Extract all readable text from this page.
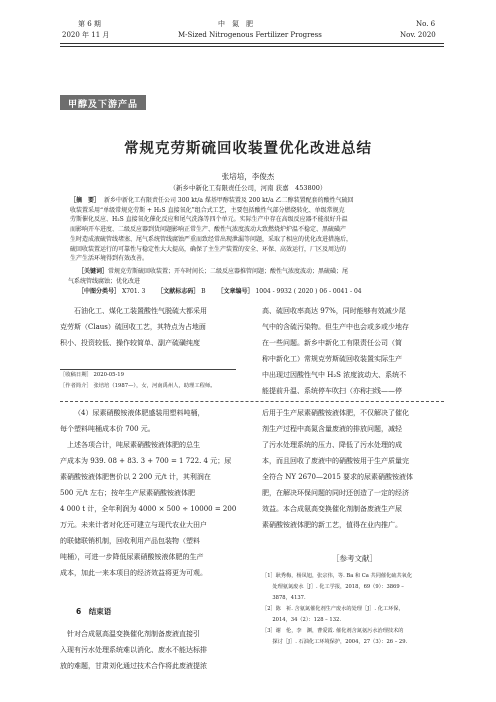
第 6 期
2020 年 11 月
中　氮　肥
M-Sized Nitrogenous Fertilizer Progress
No. 6
Nov. 2020
甲醇及下游产品
常规克劳斯硫回收装置优化改进总结
张培培，李俊杰
（新乡中新化工有限责任公司，河南 获嘉　453800）
［摘　要］ 新乡中新化工有限责任公司 300 kt/a 煤基甲醇装置及 200 kt/a 乙二醇装置配套的酸性气硫回
收装置采用“单级常规克劳斯 + H₂S 直接氧化”组合式工艺，主要包括酸性气部分燃烧转化、单级常规克
劳斯催化反应、H₂S 直接氧化催化反应和尾气洗涤等四个单元。实际生产中存在高级反应器不能很好升温
而影响开车进度、二级反应器到货问题影响正常生产、酸性气浓度波动大致燃烧炉炉温不稳定、黑硫磺产
生时造成液硫管线堵塞、尾气系统管线腐蚀严重而致经常出现泄漏等问题，采取了相应的优化改进措施后，
硫回收装置运行的可靠性与稳定性大大提高，确保了主生产装置的安全、环保、高效运行，厂区及周边的
生产生活环境得到有效改善。
［关键词］常规克劳斯硫回收装置；开车时间长；二级反应器推管问题；酸性气浓度波动；黑硫磺；尾
气系统管线腐蚀；优化改进
［中图分类号］ X701. 3 ［文献标志码］ B ［文章编号］ 1004 - 9932 ( 2020 ) 06 - 0041 - 04
石油化工、煤化工装置酸性气脱硫大都采用
克劳斯（Claus）硫回收工艺，其特点为占地面
积小、投资较低、操作较简单、副产硫磺纯度
［收稿日期］ 2020-05-19
［作者简介］ 张培培（1987—），女，河南禹州人，助理工程师。
高、硫回收率高达 97%，同时能够有效减少尾
气中的含硫污染物。但生产中也会或多或少地存
在一些问题。新乡中新化工有限责任公司（简
称中新化工）常规克劳斯硫回收装置实际生产
中出现过因酸性气中 H₂S 浓度波动大、系统不
能提前升温、系统停车吹扫（亦称扫线——停
（4）尿素硝酸铵液体肥盛装用塑料吨桶，
每个塑料吨桶成本价 700 元。
　上述各项合计，吨尿素硝酸铵液体肥的总生
产成本为 939. 08 + 83. 3 + 700 = 1 722. 4 元；尿
素硝酸铵液体肥售价以 2 200 元/t 计，其利润在
500 元/t 左右；按年生产尿素硝酸铵液体肥
4 000 t 计，全年利润为 4000 × 500 ÷ 10000 = 200
万元。未来计者对化还可建立与现代农业大田户
的联储联销机制，回收利用产品包装物（塑料
吨桶），可进一步降低尿素硝酸铵液体肥的生产
成本，加此一来本项目的经济效益将更为可观。
6　结束语
　针对合成氨高温变换催化剂制备废液直接引
入现有污水处理系统难以消化、废水不能达标排
放的难题，甘肃刘化通过技术合作将此废液提浓
后用于生产尿素硝酸铵液体肥，不仅解决了催化
剂生产过程中高氮含量废液的排放问题，减轻
了污水处理系统的压力、降低了污水处理的成
本，而且回收了废液中的硝酸铵用于生产质量完
全符合 NY 2670—2015 要求的尿素硝酸铵液体
肥，在解决环保问题的同时还创造了一定的经济
效益。本合成氨高变换催化剂制备废液生产尿
素硝酸铵液体肥的新工艺，值得在业内推广。
［参考文献］
［1］耿秀梅，杨凤旭，张宗伟，等. Ba 和 Ca 共同催化硫共氧化
　　处理氨氮废水［J］. 化工学报，2018，69（9）：3869 –
　　3878，4137.
［2］陈　祈. 含氨氮催化剂生产废水的处理［J］. 化工环保，
　　2014，34（2）：128 – 132.
［3］谢　伦，李　渊，曹爱霞. 催化剂含氮氨污水治理技术的
　　探讨［J］. 石油化工环境保护，2004，27（3）：26 – 29.
